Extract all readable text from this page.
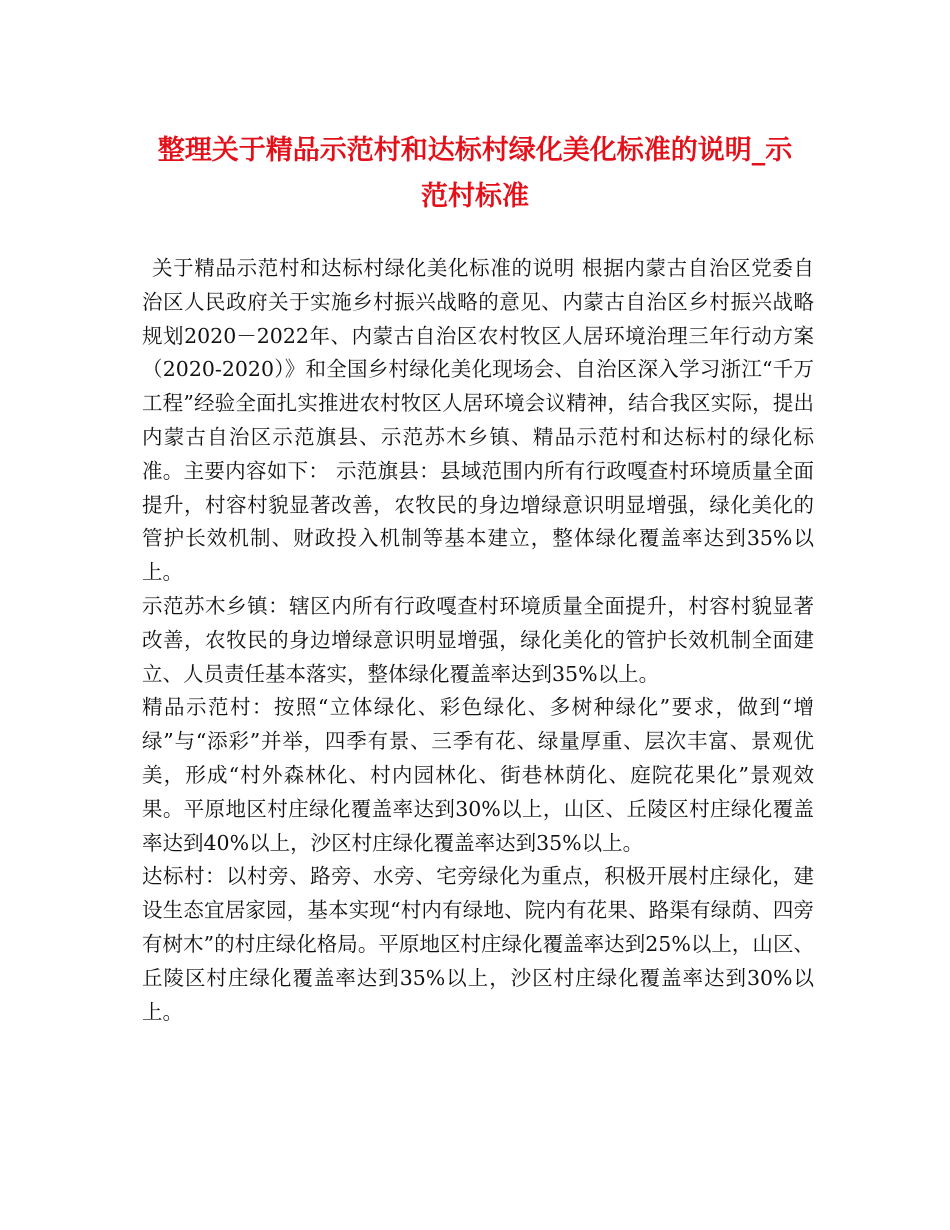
整理关于精品示范村和达标村绿化美化标准的说明_示
范村标准

关于精品示范村和达标村绿化美化标准的说明 根据内蒙古自治区党委自治区人民政府关于实施乡村振兴战略的意见、内蒙古自治区乡村振兴战略规划2020－2022年、内蒙古自治区农村牧区人居环境治理三年行动方案（2020-2020）》和全国乡村绿化美化现场会、自治区深入学习浙江“千万工程”经验全面扎实推进农村牧区人居环境会议精神，结合我区实际，提出内蒙古自治区示范旗县、示范苏木乡镇、精品示范村和达标村的绿化标准。主要内容如下： 示范旗县：县域范围内所有行政嘎查村环境质量全面提升，村容村貌显著改善，农牧民的身边增绿意识明显增强，绿化美化的管护长效机制、财政投入机制等基本建立，整体绿化覆盖率达到35%以上。

示范苏木乡镇：辖区内所有行政嘎查村环境质量全面提升，村容村貌显著改善，农牧民的身边增绿意识明显增强，绿化美化的管护长效机制全面建立、人员责任基本落实，整体绿化覆盖率达到35%以上。

精品示范村：按照“立体绿化、彩色绿化、多树种绿化”要求，做到“增绿”与“添彩”并举，四季有景、三季有花、绿量厚重、层次丰富、景观优美，形成“村外森林化、村内园林化、街巷林荫化、庭院花果化”景观效果。平原地区村庄绿化覆盖率达到30%以上，山区、丘陵区村庄绿化覆盖率达到40%以上，沙区村庄绿化覆盖率达到35%以上。

达标村：以村旁、路旁、水旁、宅旁绿化为重点，积极开展村庄绿化，建设生态宜居家园，基本实现“村内有绿地、院内有花果、路渠有绿荫、四旁有树木”的村庄绿化格局。平原地区村庄绿化覆盖率达到25%以上，山区、丘陵区村庄绿化覆盖率达到35%以上，沙区村庄绿化覆盖率达到30%以上。
